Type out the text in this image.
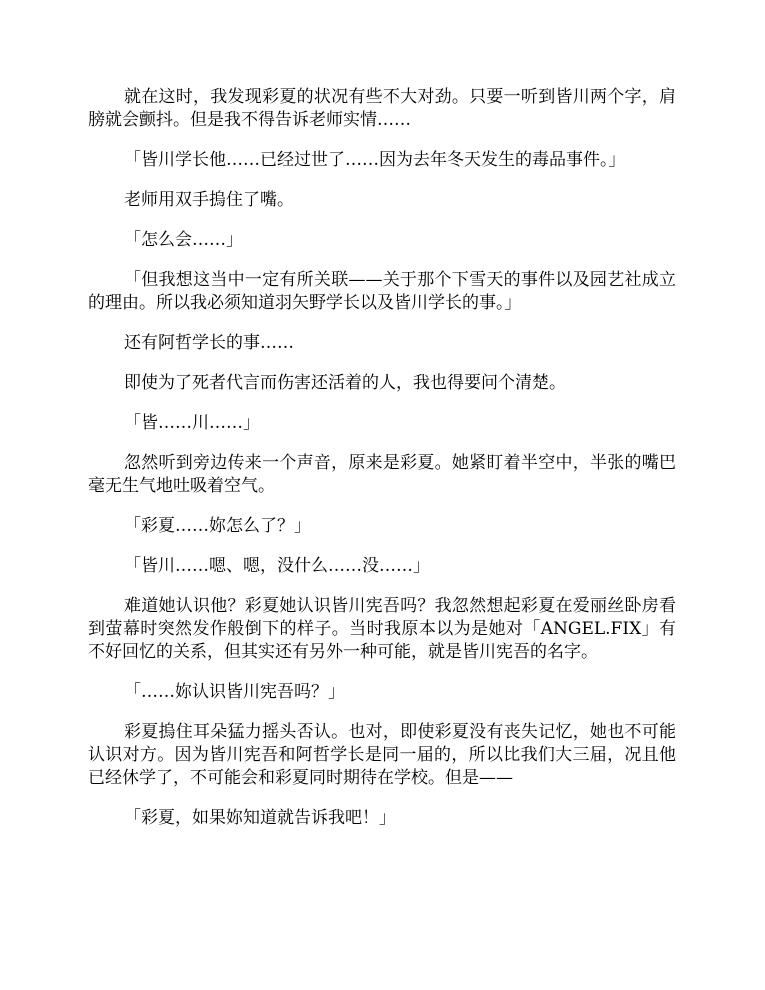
就在这时，我发现彩夏的状况有些不大对劲。只要一听到皆川两个字，肩膀就会颤抖。但是我不得告诉老师实情……

「皆川学长他……已经过世了……因为去年冬天发生的毒品事件。」

老师用双手摀住了嘴。

「怎么会……」

「但我想这当中一定有所关联——关于那个下雪天的事件以及园艺社成立的理由。所以我必须知道羽矢野学长以及皆川学长的事。」

还有阿哲学长的事……

即使为了死者代言而伤害还活着的人，我也得要问个清楚。

「皆……川……」

忽然听到旁边传来一个声音，原来是彩夏。她紧盯着半空中，半张的嘴巴毫无生气地吐吸着空气。

「彩夏……妳怎么了？」

「皆川……嗯、嗯，没什么……没……」

难道她认识他？彩夏她认识皆川宪吾吗？我忽然想起彩夏在爱丽丝卧房看到萤幕时突然发作般倒下的样子。当时我原本以为是她对「ANGEL.FIX」有不好回忆的关系，但其实还有另外一种可能，就是皆川宪吾的名字。

「……妳认识皆川宪吾吗？」

彩夏摀住耳朵猛力摇头否认。也对，即使彩夏没有丧失记忆，她也不可能认识对方。因为皆川宪吾和阿哲学长是同一届的，所以比我们大三届，况且他已经休学了，不可能会和彩夏同时期待在学校。但是——

「彩夏，如果妳知道就告诉我吧！」
